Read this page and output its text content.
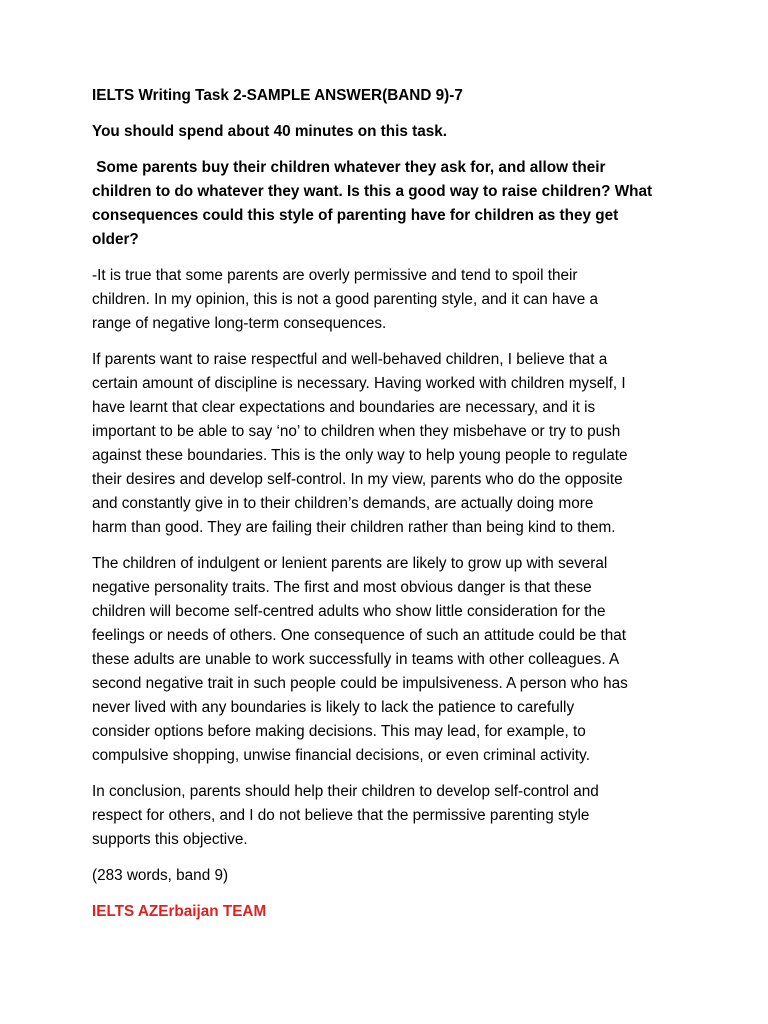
IELTS Writing Task 2-SAMPLE ANSWER(BAND 9)-7

You should spend about 40 minutes on this task.

Some parents buy their children whatever they ask for, and allow their
children to do whatever they want. Is this a good way to raise children? What
consequences could this style of parenting have for children as they get
older?

-It is true that some parents are overly permissive and tend to spoil their
children. In my opinion, this is not a good parenting style, and it can have a
range of negative long-term consequences.

If parents want to raise respectful and well-behaved children, I believe that a
certain amount of discipline is necessary. Having worked with children myself, I
have learnt that clear expectations and boundaries are necessary, and it is
important to be able to say ‘no’ to children when they misbehave or try to push
against these boundaries. This is the only way to help young people to regulate
their desires and develop self-control. In my view, parents who do the opposite
and constantly give in to their children’s demands, are actually doing more
harm than good. They are failing their children rather than being kind to them.

The children of indulgent or lenient parents are likely to grow up with several
negative personality traits. The first and most obvious danger is that these
children will become self-centred adults who show little consideration for the
feelings or needs of others. One consequence of such an attitude could be that
these adults are unable to work successfully in teams with other colleagues. A
second negative trait in such people could be impulsiveness. A person who has
never lived with any boundaries is likely to lack the patience to carefully
consider options before making decisions. This may lead, for example, to
compulsive shopping, unwise financial decisions, or even criminal activity.

In conclusion, parents should help their children to develop self-control and
respect for others, and I do not believe that the permissive parenting style
supports this objective.

(283 words, band 9)

IELTS AZErbaijan TEAM
